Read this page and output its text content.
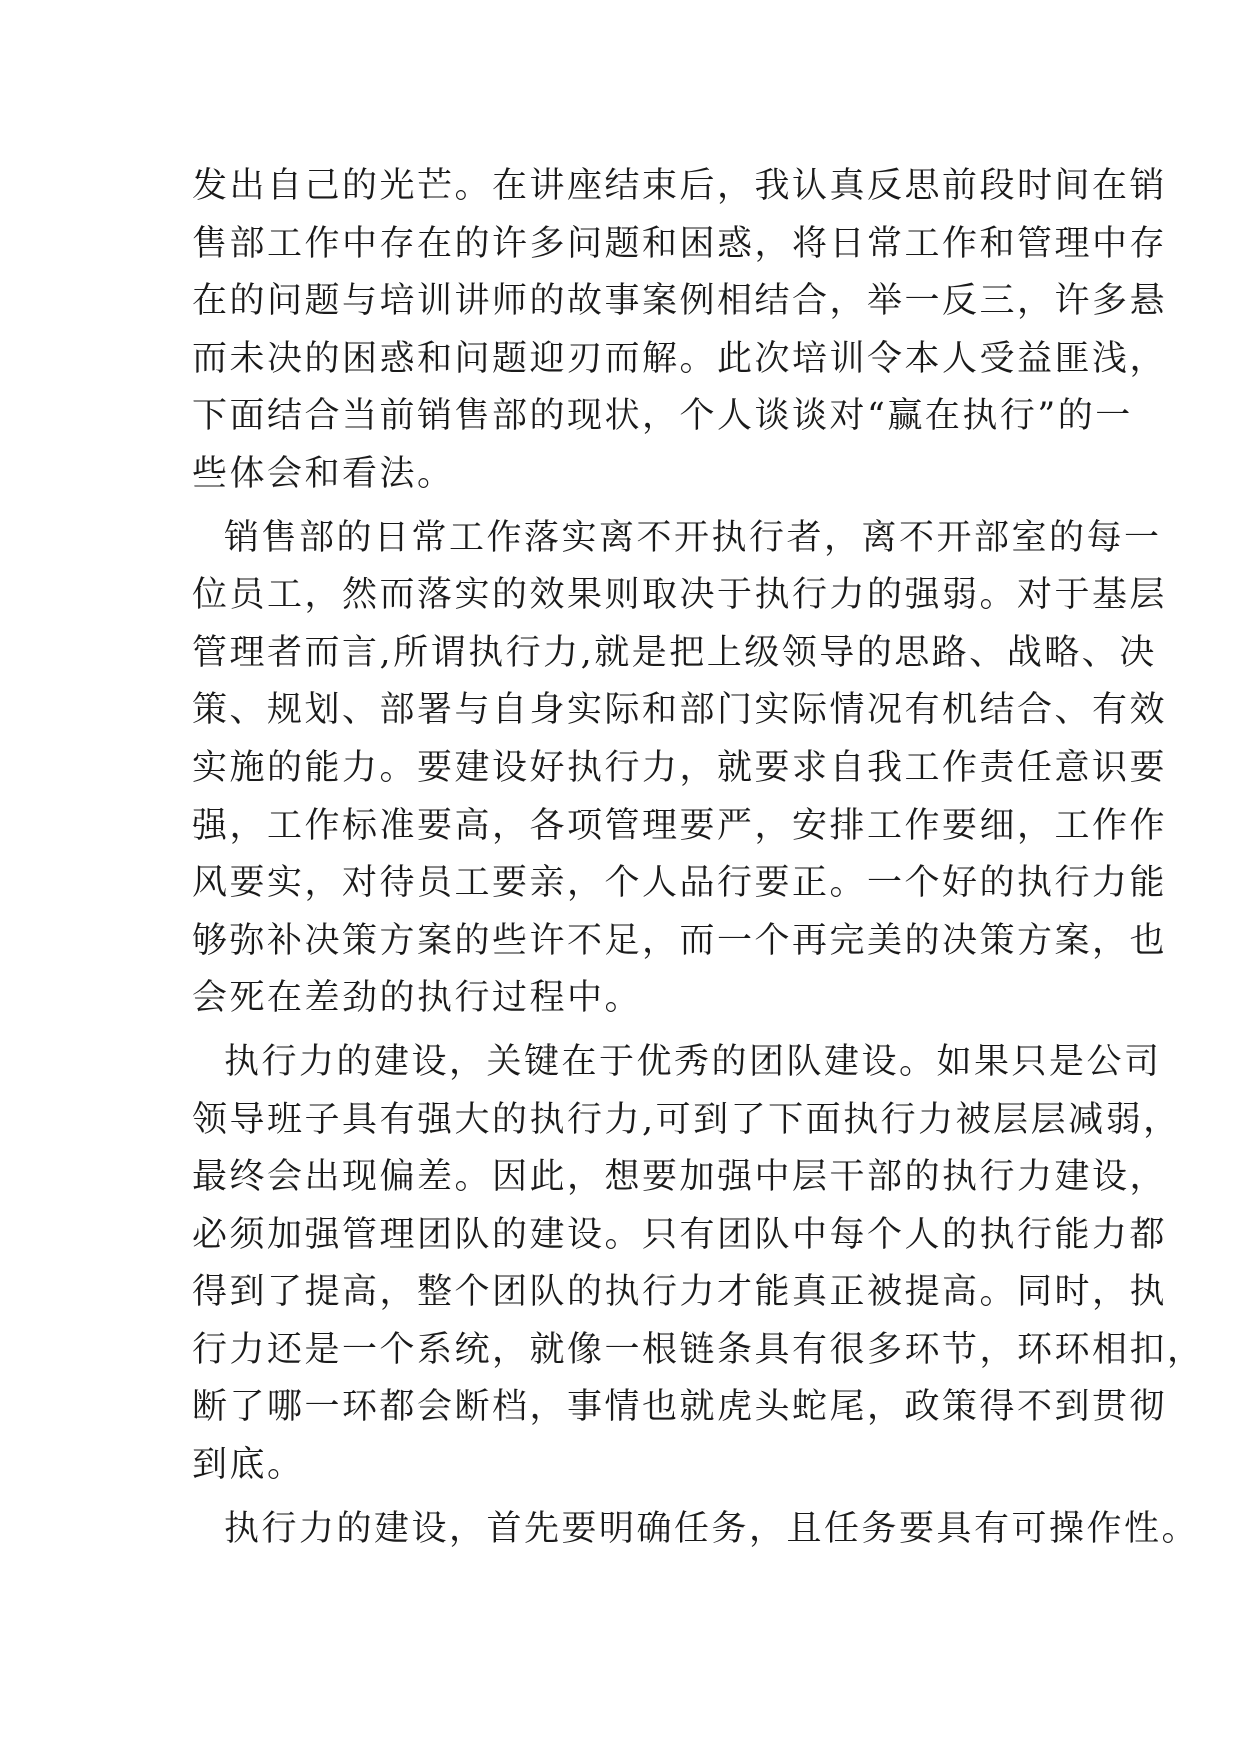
发出自己的光芒。在讲座结束后，我认真反思前段时间在销
售部工作中存在的许多问题和困惑，将日常工作和管理中存
在的问题与培训讲师的故事案例相结合，举一反三，许多悬
而未决的困惑和问题迎刃而解。此次培训令本人受益匪浅，
下面结合当前销售部的现状，个人谈谈对“赢在执行”的一
些体会和看法。
销售部的日常工作落实离不开执行者，离不开部室的每一
位员工，然而落实的效果则取决于执行力的强弱。对于基层
管理者而言,所谓执行力,就是把上级领导的思路、战略、决
策、规划、部署与自身实际和部门实际情况有机结合、有效
实施的能力。要建设好执行力，就要求自我工作责任意识要
强，工作标准要高，各项管理要严，安排工作要细，工作作
风要实，对待员工要亲，个人品行要正。一个好的执行力能
够弥补决策方案的些许不足，而一个再完美的决策方案，也
会死在差劲的执行过程中。
执行力的建设，关键在于优秀的团队建设。如果只是公司
领导班子具有强大的执行力,可到了下面执行力被层层减弱，
最终会出现偏差。因此，想要加强中层干部的执行力建设，
必须加强管理团队的建设。只有团队中每个人的执行能力都
得到了提高，整个团队的执行力才能真正被提高。同时，执
行力还是一个系统，就像一根链条具有很多环节，环环相扣，
断了哪一环都会断档，事情也就虎头蛇尾，政策得不到贯彻
到底。
执行力的建设，首先要明确任务，且任务要具有可操作性。
